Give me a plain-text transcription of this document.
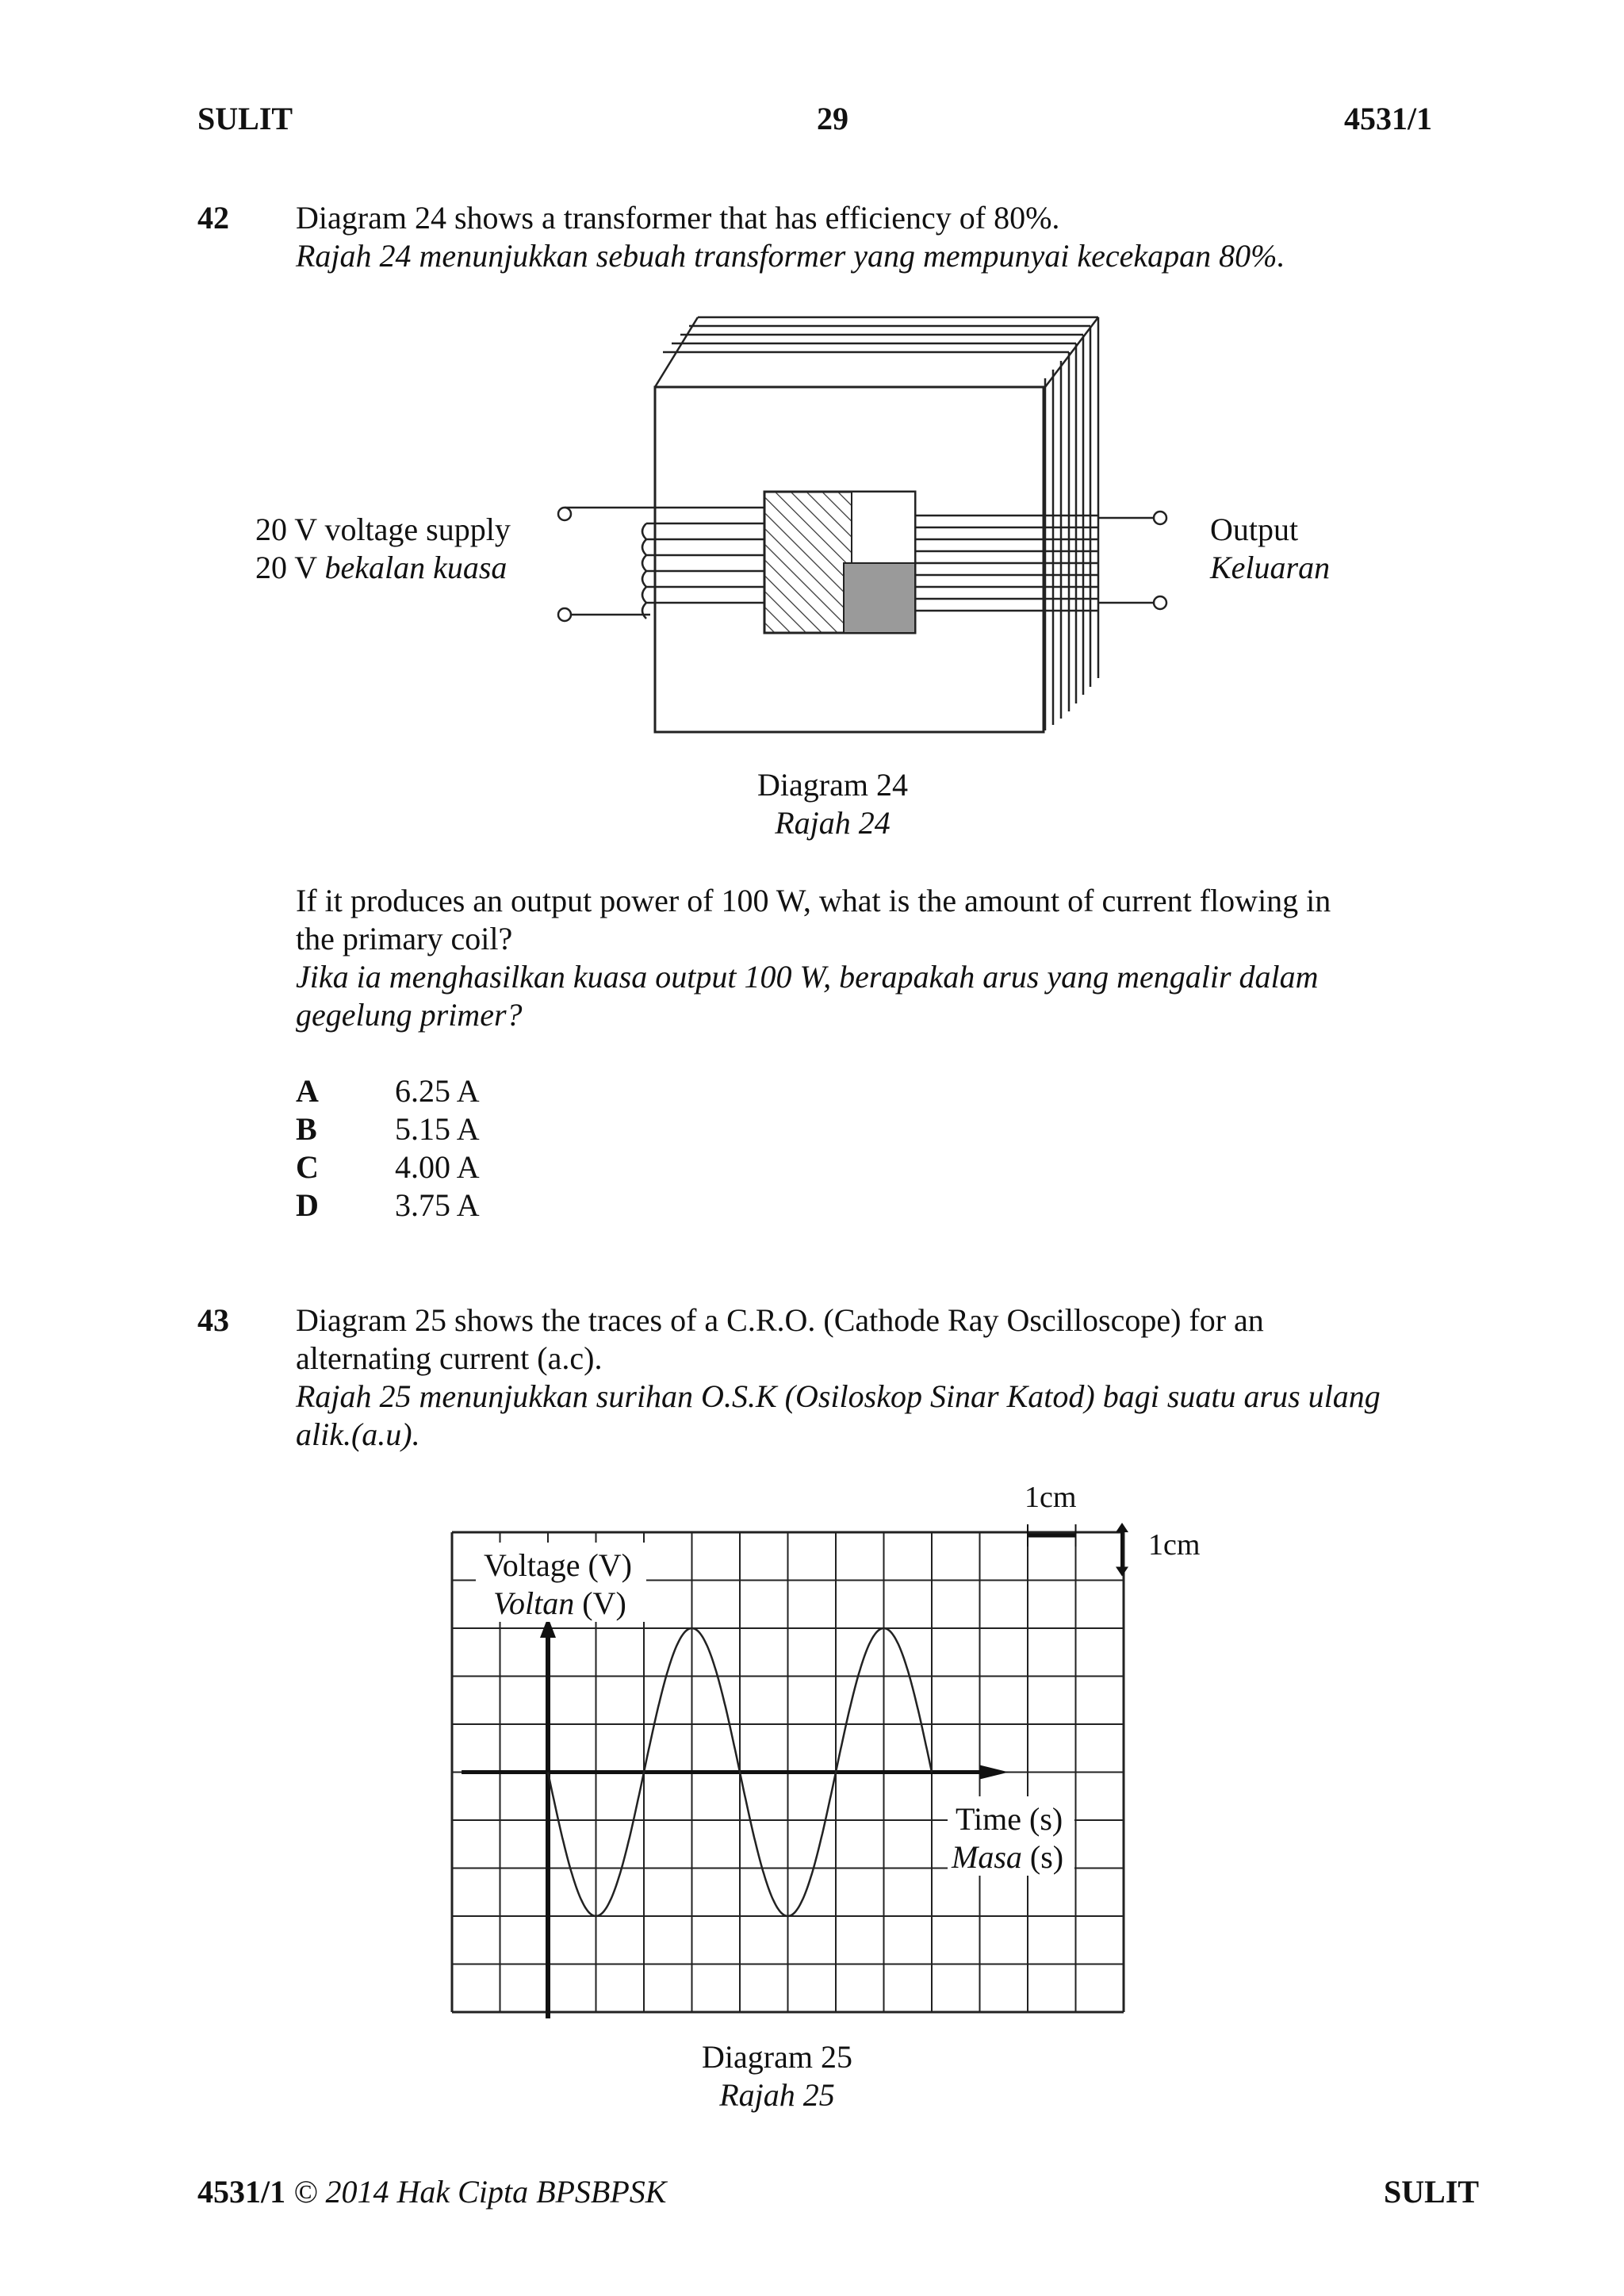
SULIT	29	4531/1
42 Diagram 24 shows a transformer that has efficiency of 80%.
Rajah 24 menunjukkan sebuah transformer yang mempunyai kecekapan 80%.
20 V voltage supply
20 V bekalan kuasa
Output
Keluaran
Diagram 24
Rajah 24
If it produces an output power of 100 W, what is the amount of current flowing in
the primary coil?
Jika ia menghasilkan kuasa output 100 W, berapakah arus yang mengalir dalam
gegelung primer?
A 6.25 A
B 5.15 A
C 4.00 A
D 3.75 A
43 Diagram 25 shows the traces of a C.R.O. (Cathode Ray Oscilloscope) for an
alternating current (a.c).
Rajah 25 menunjukkan surihan O.S.K (Osiloskop Sinar Katod) bagi suatu arus ulang
alik.(a.u).
Voltage (V)
Voltan (V)
Time (s)
Masa (s)
1cm
1cm
Diagram 25
Rajah 25
4531/1 © 2014 Hak Cipta BPSBPSK	SULIT
